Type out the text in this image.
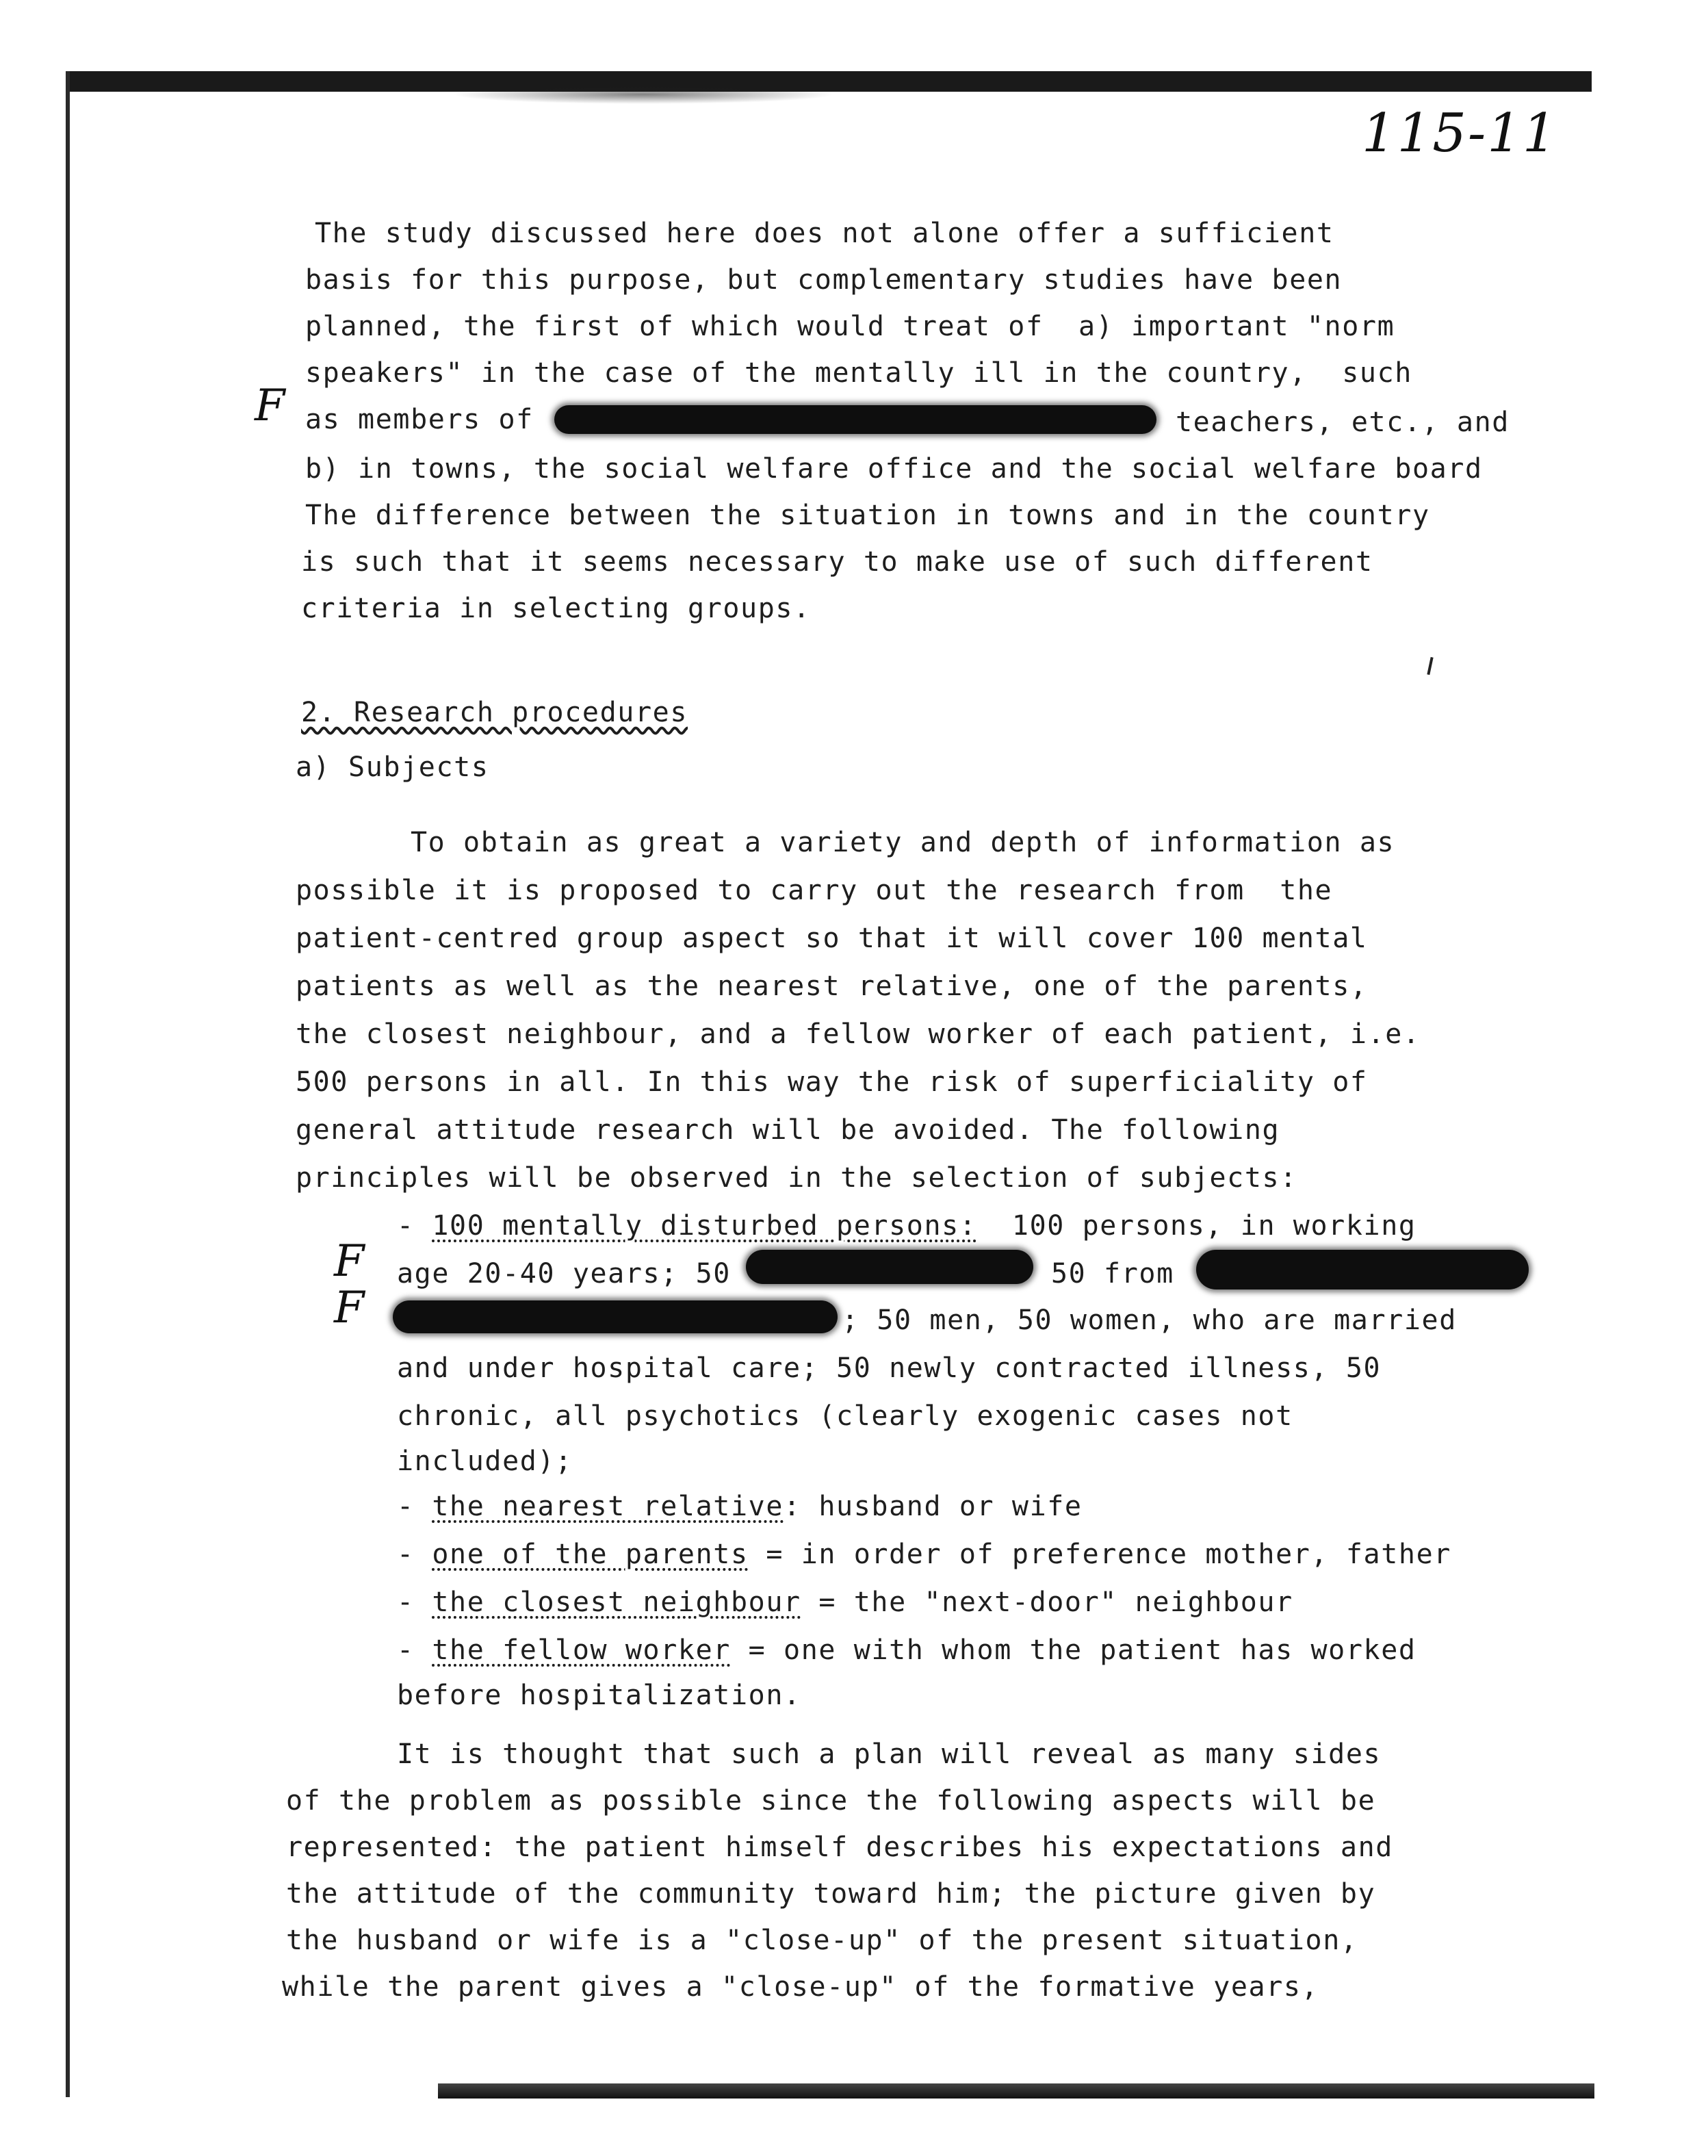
115-11
The study discussed here does not alone offer a sufficient
basis for this purpose, but complementary studies have been
planned, the first of which would treat of  a) important "norm
speakers" in the case of the mentally ill in the country,  such
F as members of	teachers, etc., and
b) in towns, the social welfare office and the social welfare board
The difference between the situation in towns and in the country
is such that it seems necessary to make use of such different
criteria in selecting groups.
2. Research procedures
a) Subjects
To obtain as great a variety and depth of information as
possible it is proposed to carry out the research from  the
patient-centred group aspect so that it will cover 100 mental
patients as well as the nearest relative, one of the parents,
the closest neighbour, and a fellow worker of each patient, i.e.
500 persons in all. In this way the risk of superficiality of
general attitude research will be avoided. The following
principles will be observed in the selection of subjects:
- 100 mentally disturbed persons:  100 persons, in working
F age 20-40 years; 50	50 from
F	; 50 men, 50 women, who are married
and under hospital care; 50 newly contracted illness, 50
chronic, all psychotics (clearly exogenic cases not
included);
- the nearest relative: husband or wife
- one of the parents = in order of preference mother, father
- the closest neighbour = the "next-door" neighbour
- the fellow worker = one with whom the patient has worked
before hospitalization.
It is thought that such a plan will reveal as many sides
of the problem as possible since the following aspects will be
represented: the patient himself describes his expectations and
the attitude of the community toward him; the picture given by
the husband or wife is a "close-up" of the present situation,
while the parent gives a "close-up" of the formative years,
